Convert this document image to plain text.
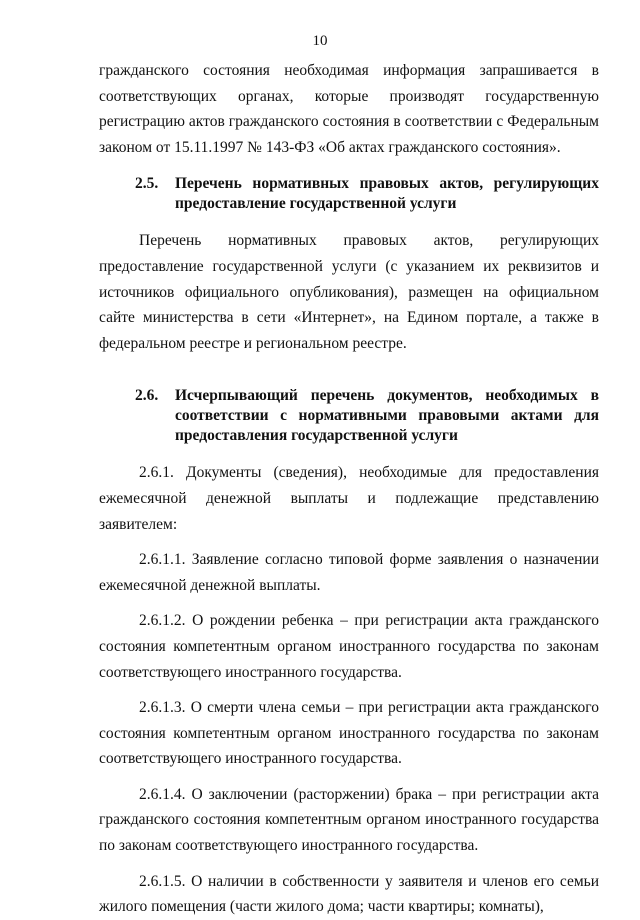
10

гражданского состояния необходимая информация запрашивается в соответствующих органах, которые производят государственную регистрацию актов гражданского состояния в соответствии с Федеральным законом от 15.11.1997 № 143-ФЗ «Об актах гражданского состояния».

2.5.	Перечень нормативных правовых актов, регулирующих предоставление государственной услуги

Перечень нормативных правовых актов, регулирующих предоставление государственной услуги (с указанием их реквизитов и источников официального опубликования), размещен на официальном сайте министерства в сети «Интернет», на Едином портале, а также в федеральном реестре и региональном реестре.

2.6.	Исчерпывающий перечень документов, необходимых в соответствии с нормативными правовыми актами для предоставления государственной услуги

2.6.1. Документы (сведения), необходимые для предоставления ежемесячной денежной выплаты и подлежащие представлению заявителем:

2.6.1.1. Заявление согласно типовой форме заявления о назначении ежемесячной денежной выплаты.

2.6.1.2. О рождении ребенка – при регистрации акта гражданского состояния компетентным органом иностранного государства по законам соответствующего иностранного государства.

2.6.1.3. О смерти члена семьи – при регистрации акта гражданского состояния компетентным органом иностранного государства по законам соответствующего иностранного государства.

2.6.1.4. О заключении (расторжении) брака – при регистрации акта гражданского состояния компетентным органом иностранного государства по законам соответствующего иностранного государства.

2.6.1.5. О наличии в собственности у заявителя и членов его семьи жилого помещения (части жилого дома; части квартиры; комнаты),
